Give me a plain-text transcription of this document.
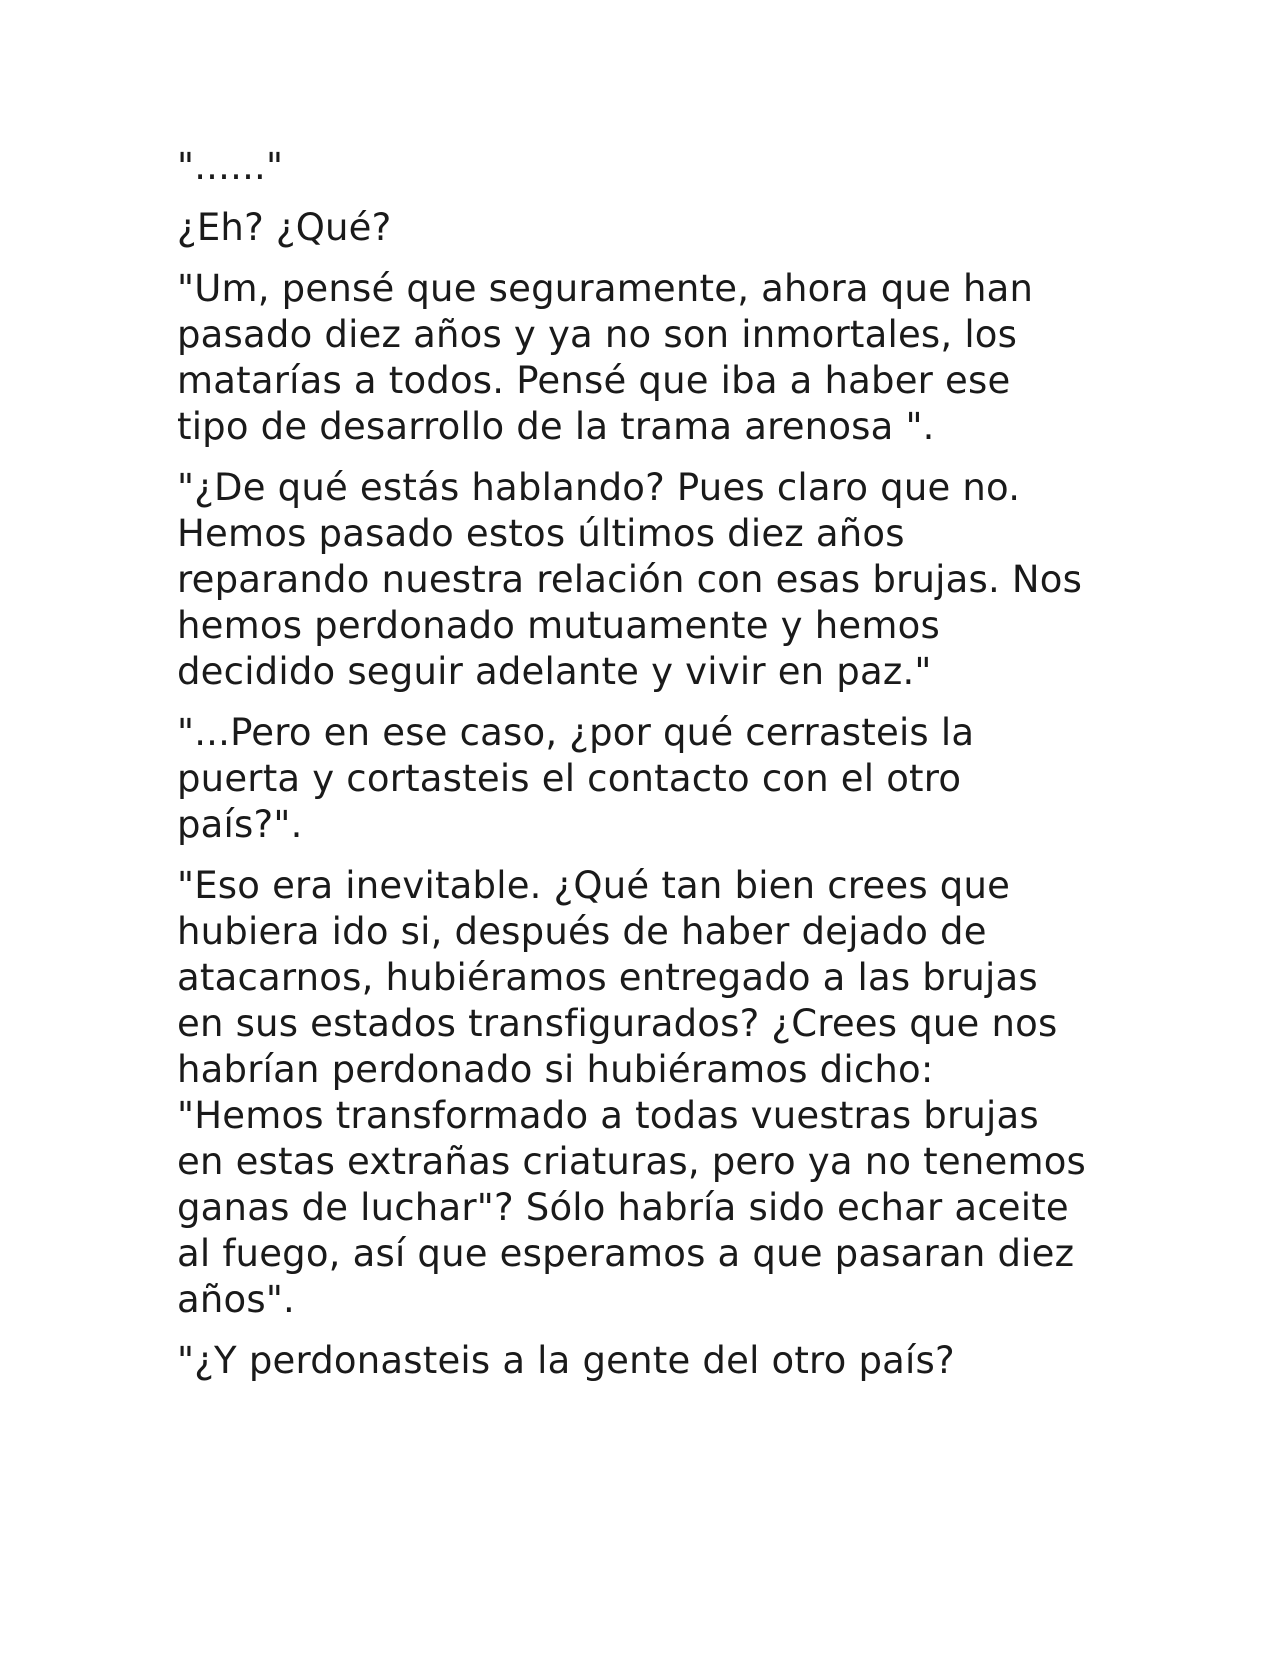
"......"

¿Eh? ¿Qué?

"Um, pensé que seguramente, ahora que han
pasado diez años y ya no son inmortales, los
matarías a todos. Pensé que iba a haber ese
tipo de desarrollo de la trama arenosa ".

"¿De qué estás hablando? Pues claro que no.
Hemos pasado estos últimos diez años
reparando nuestra relación con esas brujas. Nos
hemos perdonado mutuamente y hemos
decidido seguir adelante y vivir en paz."

"...Pero en ese caso, ¿por qué cerrasteis la
puerta y cortasteis el contacto con el otro
país?".

"Eso era inevitable. ¿Qué tan bien crees que
hubiera ido si, después de haber dejado de
atacarnos, hubiéramos entregado a las brujas
en sus estados transfigurados? ¿Crees que nos
habrían perdonado si hubiéramos dicho:
"Hemos transformado a todas vuestras brujas
en estas extrañas criaturas, pero ya no tenemos
ganas de luchar"? Sólo habría sido echar aceite
al fuego, así que esperamos a que pasaran diez
años".

"¿Y perdonasteis a la gente del otro país?
